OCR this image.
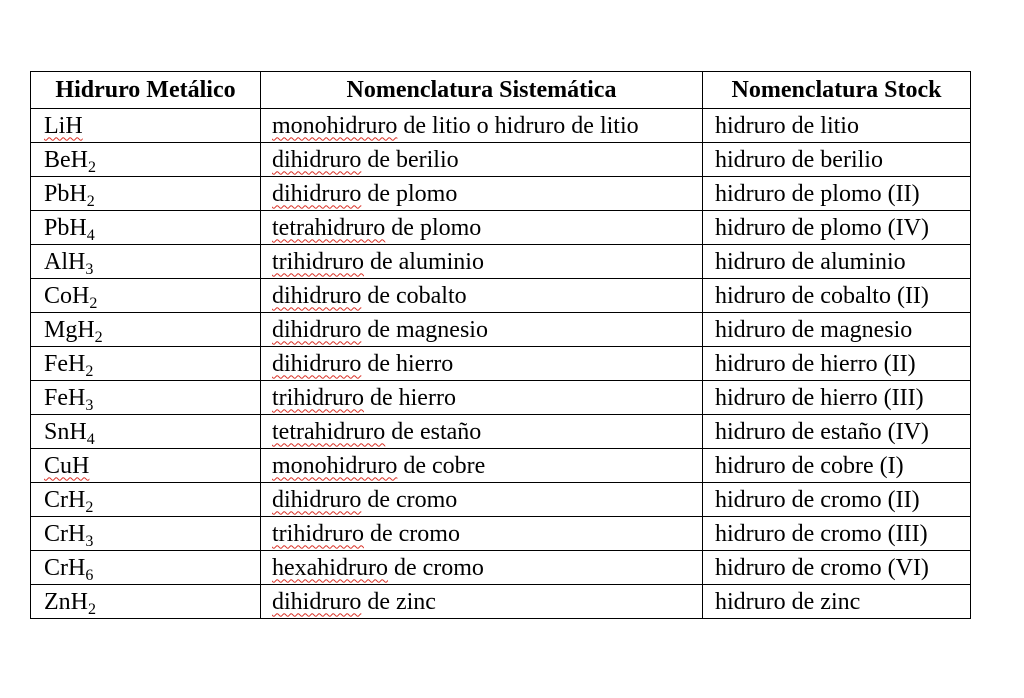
Hidruro Metálico	Nomenclatura Sistemática	Nomenclatura Stock
LiH	monohidruro de litio o hidruro de litio	hidruro de litio
BeH$_2$	dihidruro de berilio	hidruro de berilio
PbH$_2$	dihidruro de plomo	hidruro de plomo (II)
PbH$_4$	tetrahidruro de plomo	hidruro de plomo (IV)
AlH$_3$	trihidruro de aluminio	hidruro de aluminio
CoH$_2$	dihidruro de cobalto	hidruro de cobalto (II)
MgH$_2$	dihidruro de magnesio	hidruro de magnesio
FeH$_2$	dihidruro de hierro	hidruro de hierro (II)
FeH$_3$	trihidruro de hierro	hidruro de hierro (III)
SnH$_4$	tetrahidruro de estaño	hidruro de estaño (IV)
CuH	monohidruro de cobre	hidruro de cobre (I)
CrH$_2$	dihidruro de cromo	hidruro de cromo (II)
CrH$_3$	trihidruro de cromo	hidruro de cromo (III)
CrH$_6$	hexahidruro de cromo	hidruro de cromo (VI)
ZnH$_2$	dihidruro de zinc	hidruro de zinc
